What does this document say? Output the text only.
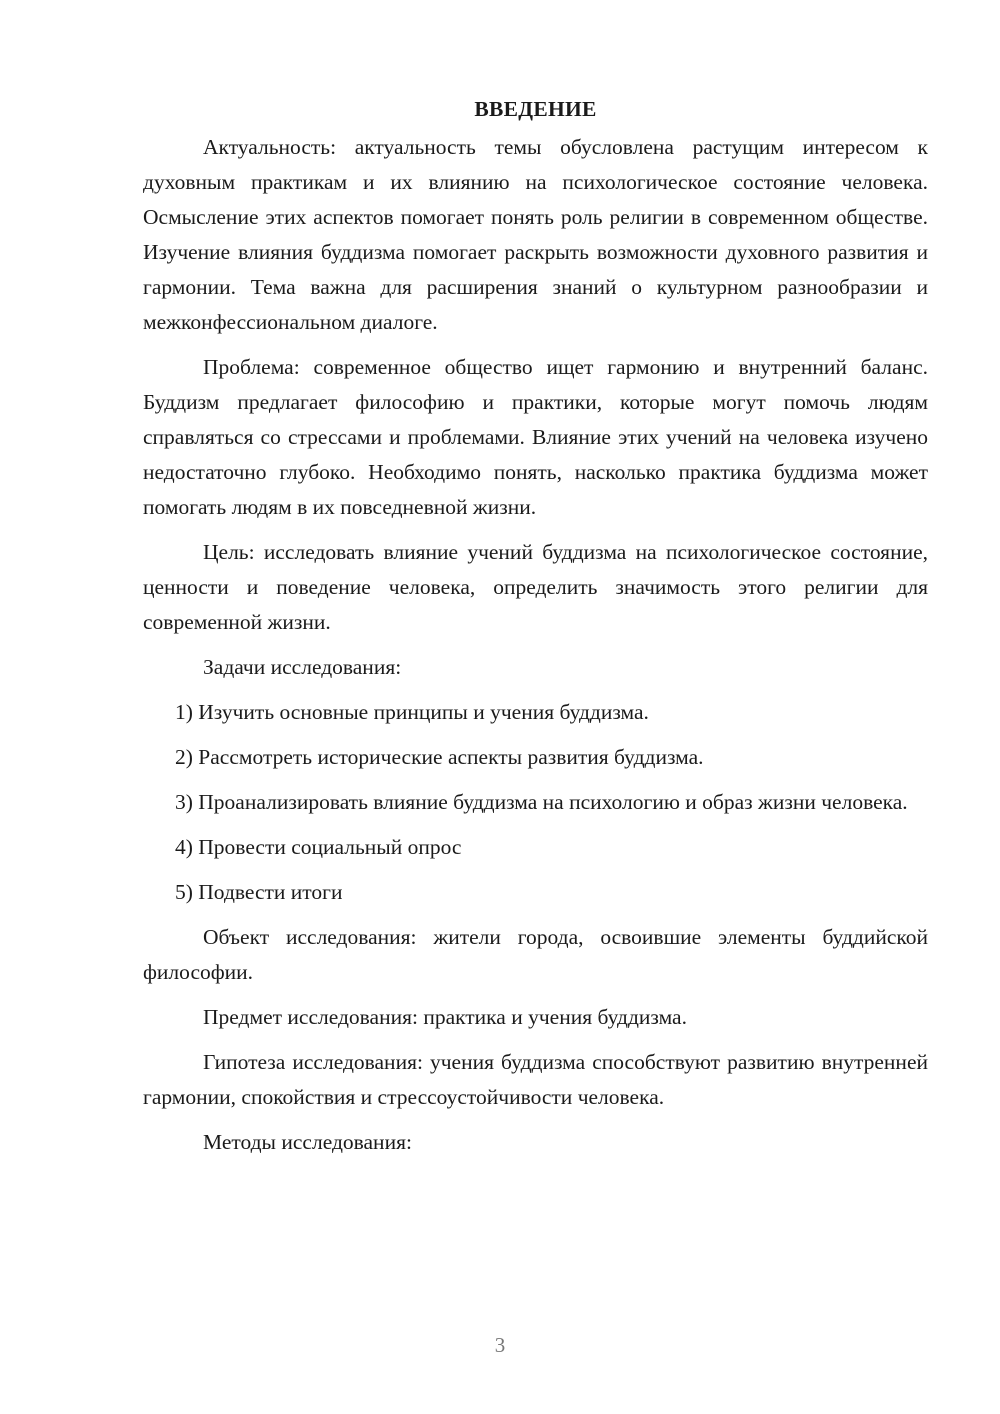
ВВЕДЕНИЕ

Актуальность: актуальность темы обусловлена растущим интересом к духовным практикам и их влиянию на психологическое состояние человека. Осмысление этих аспектов помогает понять роль религии в современном обществе. Изучение влияния буддизма помогает раскрыть возможности духовного развития и гармонии. Тема важна для расширения знаний о культурном разнообразии и межконфессиональном диалоге.

Проблема: современное общество ищет гармонию и внутренний баланс. Буддизм предлагает философию и практики, которые могут помочь людям справляться со стрессами и проблемами. Влияние этих учений на человека изучено недостаточно глубоко. Необходимо понять, насколько практика буддизма может помогать людям в их повседневной жизни.

Цель: исследовать влияние учений буддизма на психологическое состояние, ценности и поведение человека, определить значимость этого религии для современной жизни.

Задачи исследования:

1) Изучить основные принципы и учения буддизма.

2) Рассмотреть исторические аспекты развития буддизма.

3) Проанализировать влияние буддизма на психологию и образ жизни человека.

4) Провести социальный опрос

5) Подвести итоги

Объект исследования: жители города, освоившие элементы буддийской философии.

Предмет исследования: практика и учения буддизма.

Гипотеза исследования: учения буддизма способствуют развитию внутренней гармонии, спокойствия и стрессоустойчивости человека.

Методы исследования:

3
